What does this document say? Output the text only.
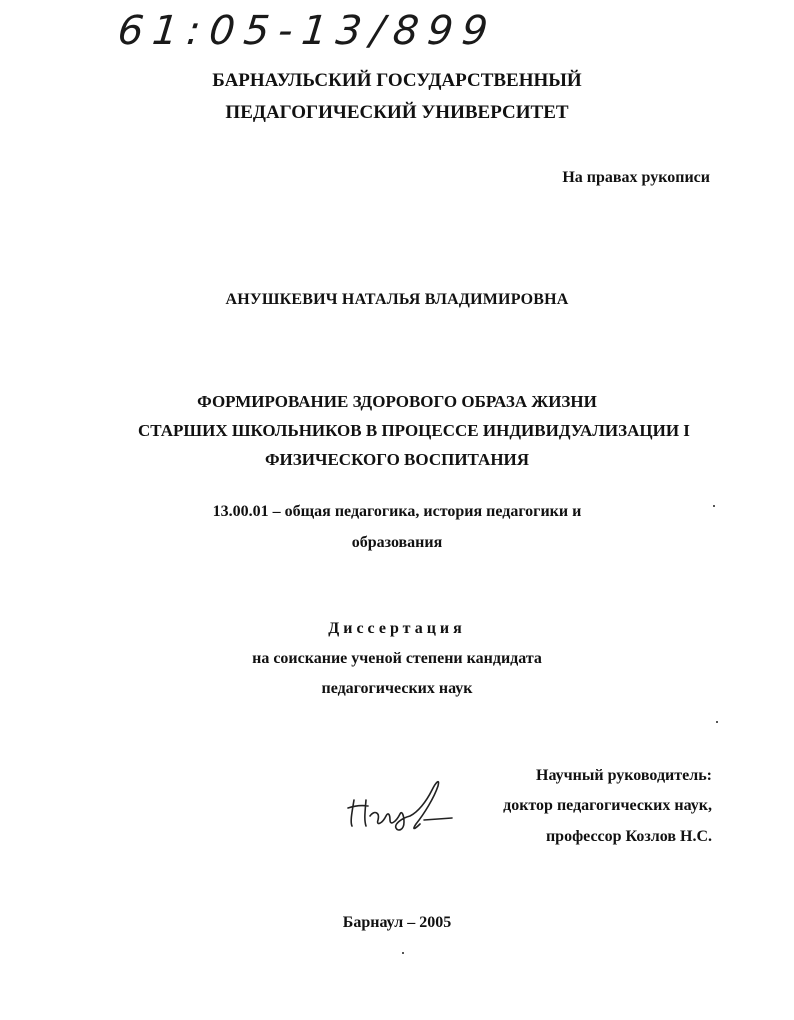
61:05-13/899
БАРНАУЛЬСКИЙ ГОСУДАРСТВЕННЫЙ
ПЕДАГОГИЧЕСКИЙ УНИВЕРСИТЕТ
На правах рукописи
АНУШКЕВИЧ НАТАЛЬЯ ВЛАДИМИРОВНА
ФОРМИРОВАНИЕ ЗДОРОВОГО ОБРАЗА ЖИЗНИ
СТАРШИХ ШКОЛЬНИКОВ В ПРОЦЕССЕ ИНДИВИДУАЛИЗАЦИИ I
ФИЗИЧЕСКОГО ВОСПИТАНИЯ
13.00.01 – общая педагогика, история педагогики и
образования
Диссертация
на соискание ученой степени кандидата
педагогических наук
Научный руководитель:
доктор педагогических наук,
профессор Козлов Н.С.
Барнаул – 2005
